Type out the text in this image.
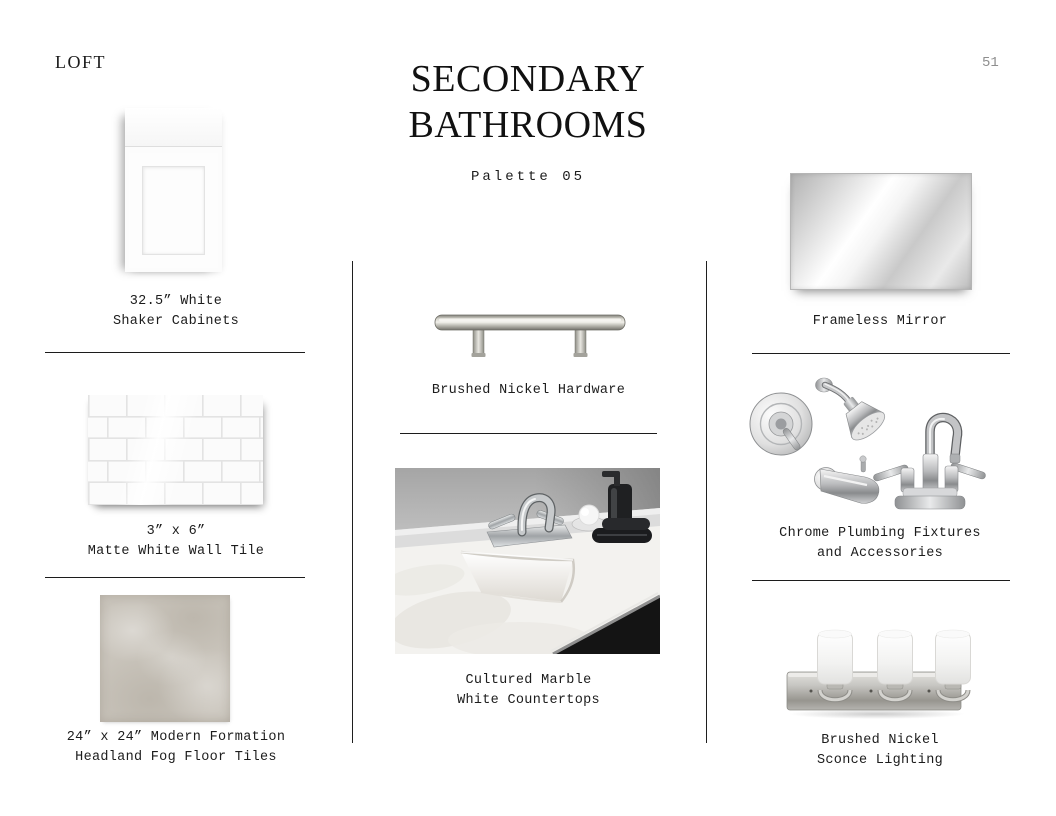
LOFT	51
SECONDARY
BATHROOMS
Palette 05
32.5” White
Shaker Cabinets
3” x 6”
Matte White Wall Tile
24” x 24” Modern Formation
Headland Fog Floor Tiles
Brushed Nickel Hardware
Cultured Marble
White Countertops
Frameless Mirror
Chrome Plumbing Fixtures
and Accessories
Brushed Nickel
Sconce Lighting
